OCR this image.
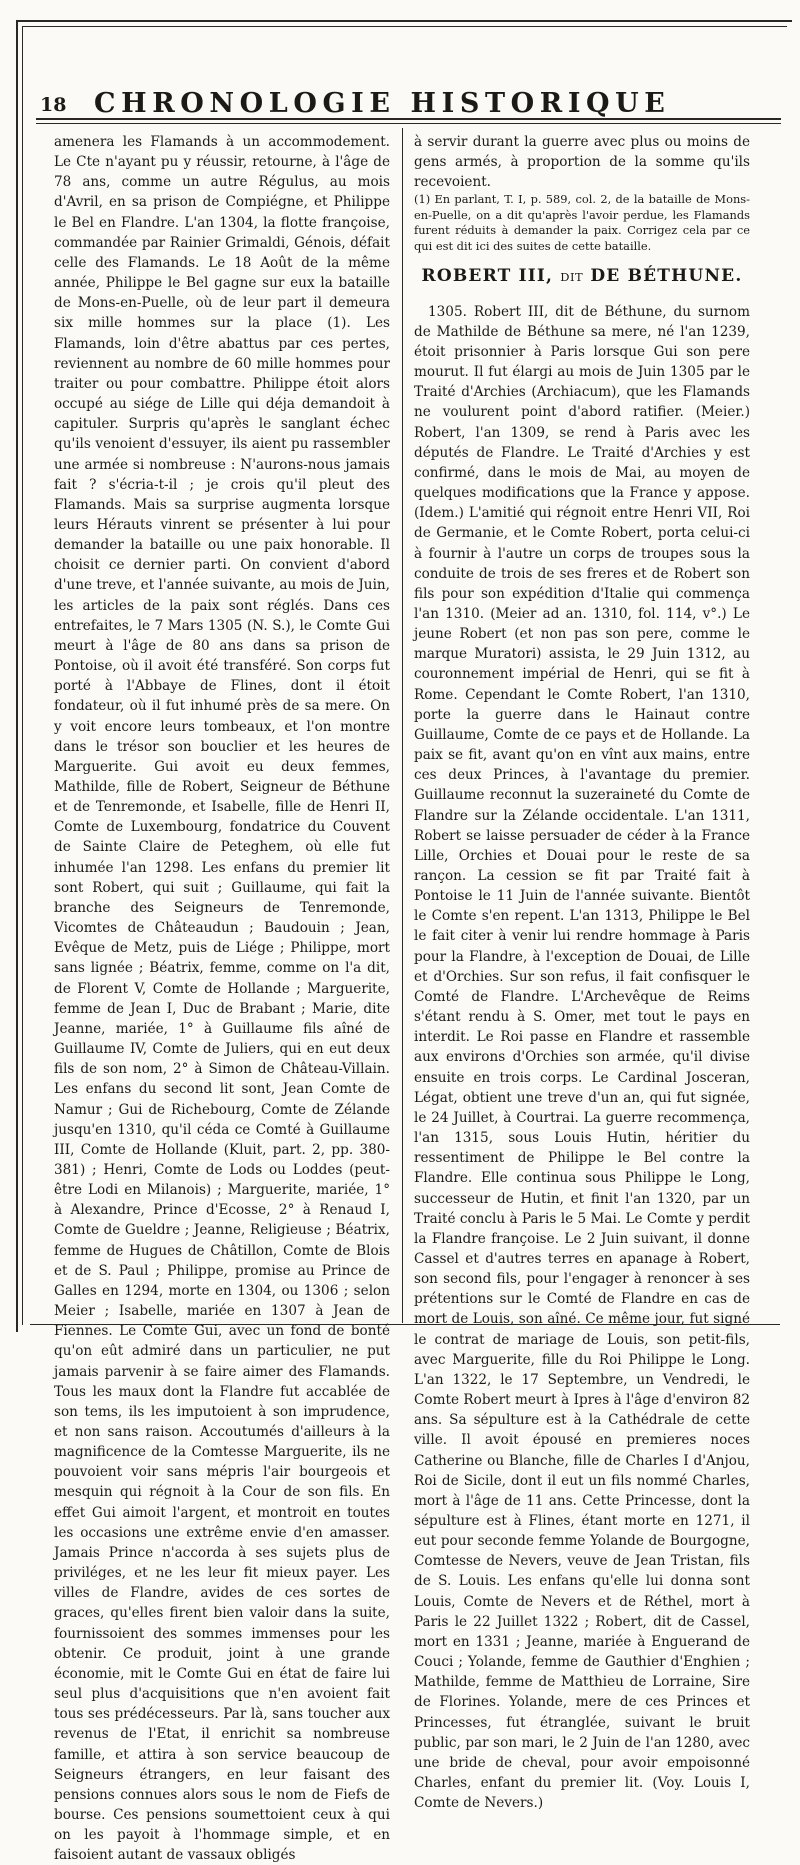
18 CHRONOLOGIE HISTORIQUE

amenera les Flamands à un accommodement. Le Cte n'ayant pu y réussir, retourne, à l'âge de 78 ans, comme un autre Régulus, au mois d'Avril, en sa prison de Compiégne, et Philippe le Bel en Flandre. L'an 1304, la flotte françoise, commandée par Rainier Grimaldi, Génois, défait celle des Flamands. Le 18 Août de la même année, Philippe le Bel gagne sur eux la bataille de Mons-en-Puelle, où de leur part il demeura six mille hommes sur la place (1). Les Flamands, loin d'être abattus par ces pertes, reviennent au nombre de 60 mille hommes pour traiter ou pour combattre. Philippe étoit alors occupé au siége de Lille qui déja demandoit à capituler. Surpris qu'après le sanglant échec qu'ils venoient d'essuyer, ils aient pu rassembler une armée si nombreuse : N'aurons-nous jamais fait ? s'écria-t-il ; je crois qu'il pleut des Flamands. Mais sa surprise augmenta lorsque leurs Hérauts vinrent se présenter à lui pour demander la bataille ou une paix honorable. Il choisit ce dernier parti. On convient d'abord d'une treve, et l'année suivante, au mois de Juin, les articles de la paix sont réglés. Dans ces entrefaites, le 7 Mars 1305 (N. S.), le Comte Gui meurt à l'âge de 80 ans dans sa prison de Pontoise, où il avoit été transféré. Son corps fut porté à l'Abbaye de Flines, dont il étoit fondateur, où il fut inhumé près de sa mere. On y voit encore leurs tombeaux, et l'on montre dans le trésor son bouclier et les heures de Marguerite. Gui avoit eu deux femmes, Mathilde, fille de Robert, Seigneur de Béthune et de Tenremonde, et Isabelle, fille de Henri II, Comte de Luxembourg, fondatrice du Couvent de Sainte Claire de Peteghem, où elle fut inhumée l'an 1298. Les enfans du premier lit sont Robert, qui suit ; Guillaume, qui fait la branche des Seigneurs de Tenremonde, Vicomtes de Châteaudun ; Baudouin ; Jean, Evêque de Metz, puis de Liége ; Philippe, mort sans lignée ; Béatrix, femme, comme on l'a dit, de Florent V, Comte de Hollande ; Marguerite, femme de Jean I, Duc de Brabant ; Marie, dite Jeanne, mariée, 1° à Guillaume fils aîné de Guillaume IV, Comte de Juliers, qui en eut deux fils de son nom, 2° à Simon de Château-Villain. Les enfans du second lit sont, Jean Comte de Namur ; Gui de Richebourg, Comte de Zélande jusqu'en 1310, qu'il céda ce Comté à Guillaume III, Comte de Hollande (Kluit, part. 2, pp. 380-381) ; Henri, Comte de Lods ou Loddes (peut-être Lodi en Milanois) ; Marguerite, mariée, 1° à Alexandre, Prince d'Ecosse, 2° à Renaud I, Comte de Gueldre ; Jeanne, Religieuse ; Béatrix, femme de Hugues de Châtillon, Comte de Blois et de S. Paul ; Philippe, promise au Prince de Galles en 1294, morte en 1304, ou 1306 ; selon Meier ; Isabelle, mariée en 1307 à Jean de Fiennes. Le Comte Gui, avec un fond de bonté qu'on eût admiré dans un particulier, ne put jamais parvenir à se faire aimer des Flamands. Tous les maux dont la Flandre fut accablée de son tems, ils les imputoient à son imprudence, et non sans raison. Accoutumés d'ailleurs à la magnificence de la Comtesse Marguerite, ils ne pouvoient voir sans mépris l'air bourgeois et mesquin qui régnoit à la Cour de son fils. En effet Gui aimoit l'argent, et montroit en toutes les occasions une extrême envie d'en amasser. Jamais Prince n'accorda à ses sujets plus de priviléges, et ne les leur fit mieux payer. Les villes de Flandre, avides de ces sortes de graces, qu'elles firent bien valoir dans la suite, fournissoient des sommes immenses pour les obtenir. Ce produit, joint à une grande économie, mit le Comte Gui en état de faire lui seul plus d'acquisitions que n'en avoient fait tous ses prédécesseurs. Par là, sans toucher aux revenus de l'Etat, il enrichit sa nombreuse famille, et attira à son service beaucoup de Seigneurs étrangers, en leur faisant des pensions connues alors sous le nom de Fiefs de bourse. Ces pensions soumettoient ceux à qui on les payoit à l'hommage simple, et en faisoient autant de vassaux obligés

à servir durant la guerre avec plus ou moins de gens armés, à proportion de la somme qu'ils recevoient.

(1) En parlant, T. I, p. 589, col. 2, de la bataille de Mons-en-Puelle, on a dit qu'après l'avoir perdue, les Flamands furent réduits à demander la paix. Corrigez cela par ce qui est dit ici des suites de cette bataille.

ROBERT III, DIT DE BÉTHUNE.

1305. Robert III, dit de Béthune, du surnom de Mathilde de Béthune sa mere, né l'an 1239, étoit prisonnier à Paris lorsque Gui son pere mourut. Il fut élargi au mois de Juin 1305 par le Traité d'Archies (Archiacum), que les Flamands ne voulurent point d'abord ratifier. (Meier.) Robert, l'an 1309, se rend à Paris avec les députés de Flandre. Le Traité d'Archies y est confirmé, dans le mois de Mai, au moyen de quelques modifications que la France y appose. (Idem.) L'amitié qui régnoit entre Henri VII, Roi de Germanie, et le Comte Robert, porta celui-ci à fournir à l'autre un corps de troupes sous la conduite de trois de ses freres et de Robert son fils pour son expédition d'Italie qui commença l'an 1310. (Meier ad an. 1310, fol. 114, v°.) Le jeune Robert (et non pas son pere, comme le marque Muratori) assista, le 29 Juin 1312, au couronnement impérial de Henri, qui se fit à Rome. Cependant le Comte Robert, l'an 1310, porte la guerre dans le Hainaut contre Guillaume, Comte de ce pays et de Hollande. La paix se fit, avant qu'on en vînt aux mains, entre ces deux Princes, à l'avantage du premier. Guillaume reconnut la suzeraineté du Comte de Flandre sur la Zélande occidentale. L'an 1311, Robert se laisse persuader de céder à la France Lille, Orchies et Douai pour le reste de sa rançon. La cession se fit par Traité fait à Pontoise le 11 Juin de l'année suivante. Bientôt le Comte s'en repent. L'an 1313, Philippe le Bel le fait citer à venir lui rendre hommage à Paris pour la Flandre, à l'exception de Douai, de Lille et d'Orchies. Sur son refus, il fait confisquer le Comté de Flandre. L'Archevêque de Reims s'étant rendu à S. Omer, met tout le pays en interdit. Le Roi passe en Flandre et rassemble aux environs d'Orchies son armée, qu'il divise ensuite en trois corps. Le Cardinal Josceran, Légat, obtient une treve d'un an, qui fut signée, le 24 Juillet, à Courtrai. La guerre recommença, l'an 1315, sous Louis Hutin, héritier du ressentiment de Philippe le Bel contre la Flandre. Elle continua sous Philippe le Long, successeur de Hutin, et finit l'an 1320, par un Traité conclu à Paris le 5 Mai. Le Comte y perdit la Flandre françoise. Le 2 Juin suivant, il donne Cassel et d'autres terres en apanage à Robert, son second fils, pour l'engager à renoncer à ses prétentions sur le Comté de Flandre en cas de mort de Louis, son aîné. Ce même jour, fut signé le contrat de mariage de Louis, son petit-fils, avec Marguerite, fille du Roi Philippe le Long. L'an 1322, le 17 Septembre, un Vendredi, le Comte Robert meurt à Ipres à l'âge d'environ 82 ans. Sa sépulture est à la Cathédrale de cette ville. Il avoit épousé en premieres noces Catherine ou Blanche, fille de Charles I d'Anjou, Roi de Sicile, dont il eut un fils nommé Charles, mort à l'âge de 11 ans. Cette Princesse, dont la sépulture est à Flines, étant morte en 1271, il eut pour seconde femme Yolande de Bourgogne, Comtesse de Nevers, veuve de Jean Tristan, fils de S. Louis. Les enfans qu'elle lui donna sont Louis, Comte de Nevers et de Réthel, mort à Paris le 22 Juillet 1322 ; Robert, dit de Cassel, mort en 1331 ; Jeanne, mariée à Enguerand de Couci ; Yolande, femme de Gauthier d'Enghien ; Mathilde, femme de Matthieu de Lorraine, Sire de Florines. Yolande, mere de ces Princes et Princesses, fut étranglée, suivant le bruit public, par son mari, le 2 Juin de l'an 1280, avec une bride de cheval, pour avoir empoisonné Charles, enfant du premier lit. (Voy. Louis I, Comte de Nevers.)
